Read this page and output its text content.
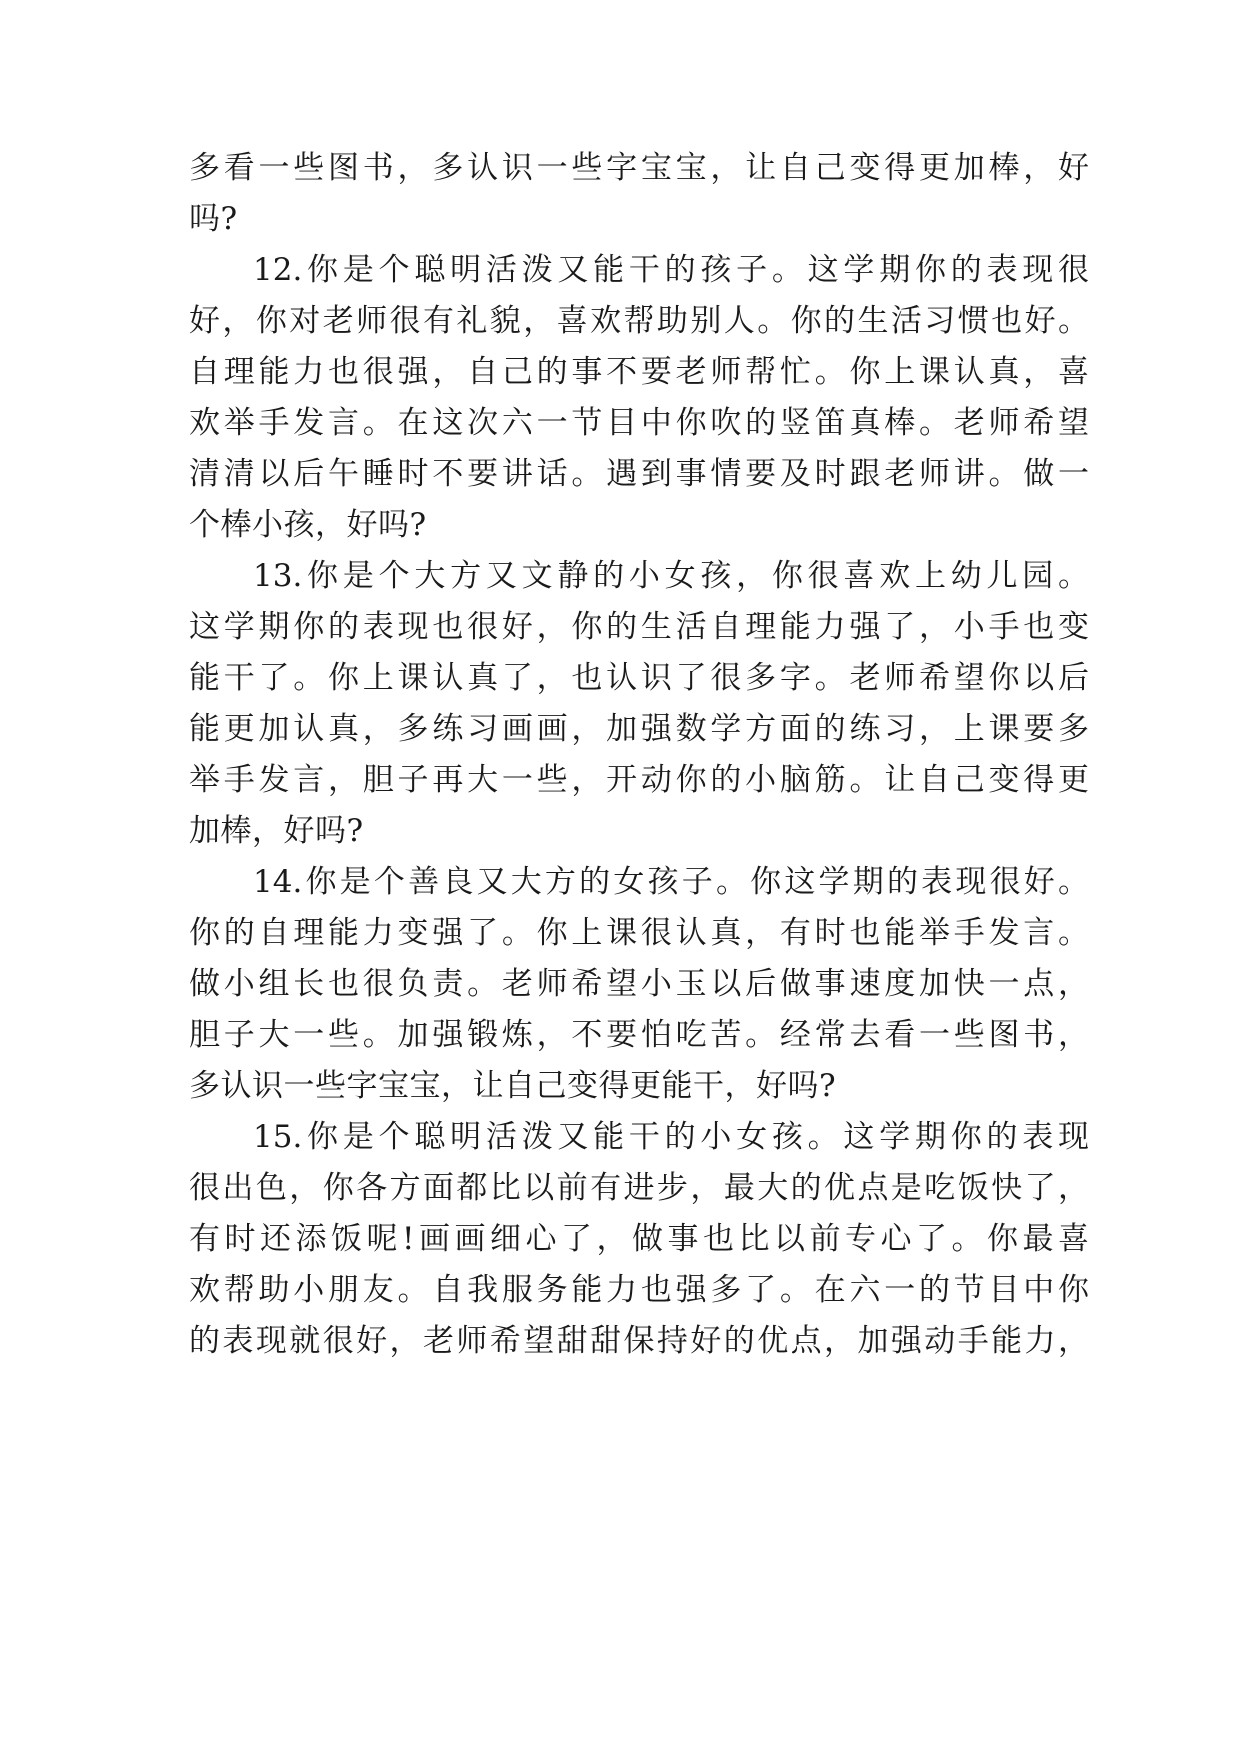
多看一些图书，多认识一些字宝宝，让自己变得更加棒，好
吗?
12.你是个聪明活泼又能干的孩子。这学期你的表现很
好，你对老师很有礼貌，喜欢帮助别人。你的生活习惯也好。
自理能力也很强，自己的事不要老师帮忙。你上课认真，喜
欢举手发言。在这次六一节目中你吹的竖笛真棒。老师希望
清清以后午睡时不要讲话。遇到事情要及时跟老师讲。做一
个棒小孩，好吗?
13.你是个大方又文静的小女孩，你很喜欢上幼儿园。
这学期你的表现也很好，你的生活自理能力强了，小手也变
能干了。你上课认真了，也认识了很多字。老师希望你以后
能更加认真，多练习画画，加强数学方面的练习，上课要多
举手发言，胆子再大一些，开动你的小脑筋。让自己变得更
加棒，好吗?
14.你是个善良又大方的女孩子。你这学期的表现很好。
你的自理能力变强了。你上课很认真，有时也能举手发言。
做小组长也很负责。老师希望小玉以后做事速度加快一点，
胆子大一些。加强锻炼，不要怕吃苦。经常去看一些图书，
多认识一些字宝宝，让自己变得更能干，好吗?
15.你是个聪明活泼又能干的小女孩。这学期你的表现
很出色，你各方面都比以前有进步，最大的优点是吃饭快了，
有时还添饭呢!画画细心了，做事也比以前专心了。你最喜
欢帮助小朋友。自我服务能力也强多了。在六一的节目中你
的表现就很好，老师希望甜甜保持好的优点，加强动手能力，
